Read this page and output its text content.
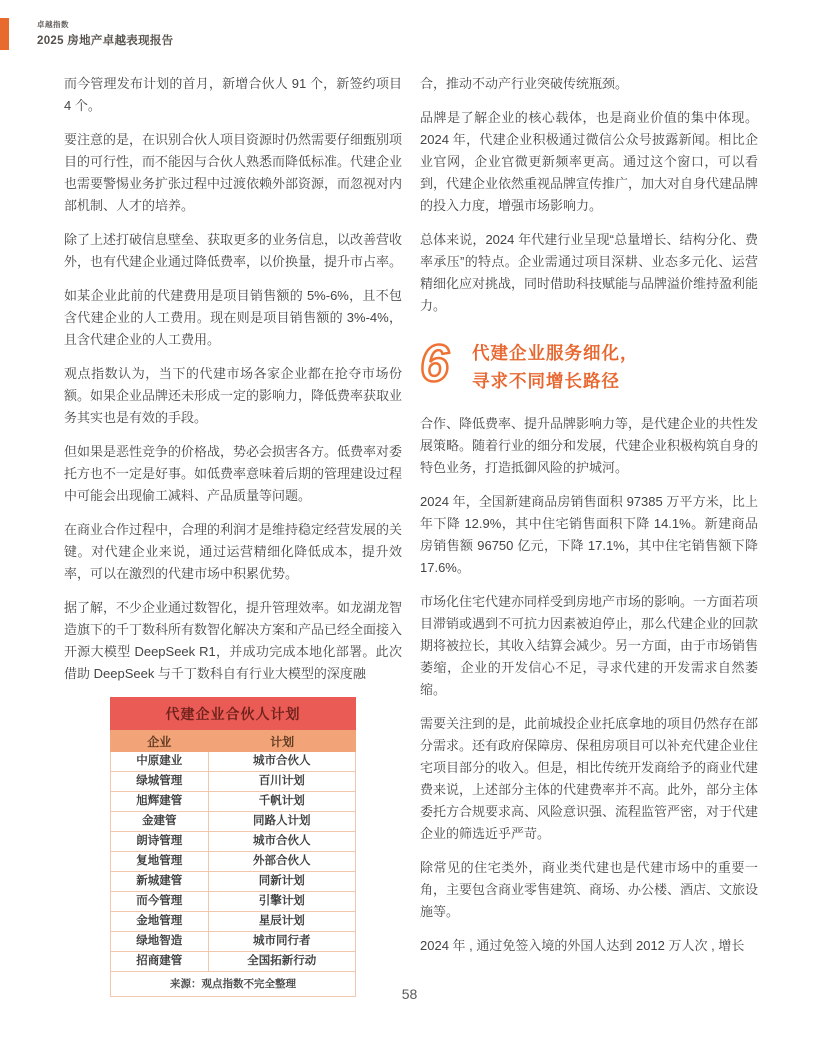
卓越指数
2025 房地产卓越表现报告

而今管理发布计划的首月，新增合伙人 91 个，新签约项目 4 个。

要注意的是，在识别合伙人项目资源时仍然需要仔细甄别项目的可行性，而不能因与合伙人熟悉而降低标准。代建企业也需要警惕业务扩张过程中过渡依赖外部资源，而忽视对内部机制、人才的培养。

除了上述打破信息壁垒、获取更多的业务信息，以改善营收外，也有代建企业通过降低费率，以价换量，提升市占率。

如某企业此前的代建费用是项目销售额的 5%-6%，且不包含代建企业的人工费用。现在则是项目销售额的 3%-4%，且含代建企业的人工费用。

观点指数认为，当下的代建市场各家企业都在抢夺市场份额。如果企业品牌还未形成一定的影响力，降低费率获取业务其实也是有效的手段。

但如果是恶性竞争的价格战，势必会损害各方。低费率对委托方也不一定是好事。如低费率意味着后期的管理建设过程中可能会出现偷工减料、产品质量等问题。

在商业合作过程中，合理的利润才是维持稳定经营发展的关键。对代建企业来说，通过运营精细化降低成本，提升效率，可以在激烈的代建市场中积累优势。

据了解，不少企业通过数智化，提升管理效率。如龙湖龙智造旗下的千丁数科所有数智化解决方案和产品已经全面接入开源大模型 DeepSeek R1，并成功完成本地化部署。此次借助 DeepSeek 与千丁数科自有行业大模型的深度融

代建企业合伙人计划
企业	计划
中原建业	城市合伙人
绿城管理	百川计划
旭辉建管	千帆计划
金建管	同路人计划
朗诗管理	城市合伙人
复地管理	外部合伙人
新城建管	同新计划
而今管理	引擎计划
金地管理	星辰计划
绿地智造	城市同行者
招商建管	全国拓新行动
来源：观点指数不完全整理

合，推动不动产行业突破传统瓶颈。

品牌是了解企业的核心载体，也是商业价值的集中体现。2024 年，代建企业积极通过微信公众号披露新闻。相比企业官网，企业官微更新频率更高。通过这个窗口，可以看到，代建企业依然重视品牌宣传推广，加大对自身代建品牌的投入力度，增强市场影响力。

总体来说，2024 年代建行业呈现“总量增长、结构分化、费率承压”的特点。企业需通过项目深耕、业态多元化、运营精细化应对挑战，同时借助科技赋能与品牌溢价维持盈利能力。

6	代建企业服务细化，
寻求不同增长路径

合作、降低费率、提升品牌影响力等，是代建企业的共性发展策略。随着行业的细分和发展，代建企业积极构筑自身的特色业务，打造抵御风险的护城河。

2024 年，全国新建商品房销售面积 97385 万平方米，比上年下降 12.9%，其中住宅销售面积下降 14.1%。新建商品房销售额 96750 亿元，下降 17.1%，其中住宅销售额下降 17.6%。

市场化住宅代建亦同样受到房地产市场的影响。一方面若项目滞销或遇到不可抗力因素被迫停止，那么代建企业的回款期将被拉长，其收入结算会减少。另一方面，由于市场销售萎缩，企业的开发信心不足，寻求代建的开发需求自然萎缩。

需要关注到的是，此前城投企业托底拿地的项目仍然存在部分需求。还有政府保障房、保租房项目可以补充代建企业住宅项目部分的收入。但是，相比传统开发商给予的商业代建费来说，上述部分主体的代建费率并不高。此外，部分主体委托方合规要求高、风险意识强、流程监管严密，对于代建企业的筛选近乎严苛。

除常见的住宅类外，商业类代建也是代建市场中的重要一角，主要包含商业零售建筑、商场、办公楼、酒店、文旅设施等。

2024 年 , 通过免签入境的外国人达到 2012 万人次 , 增长

58
